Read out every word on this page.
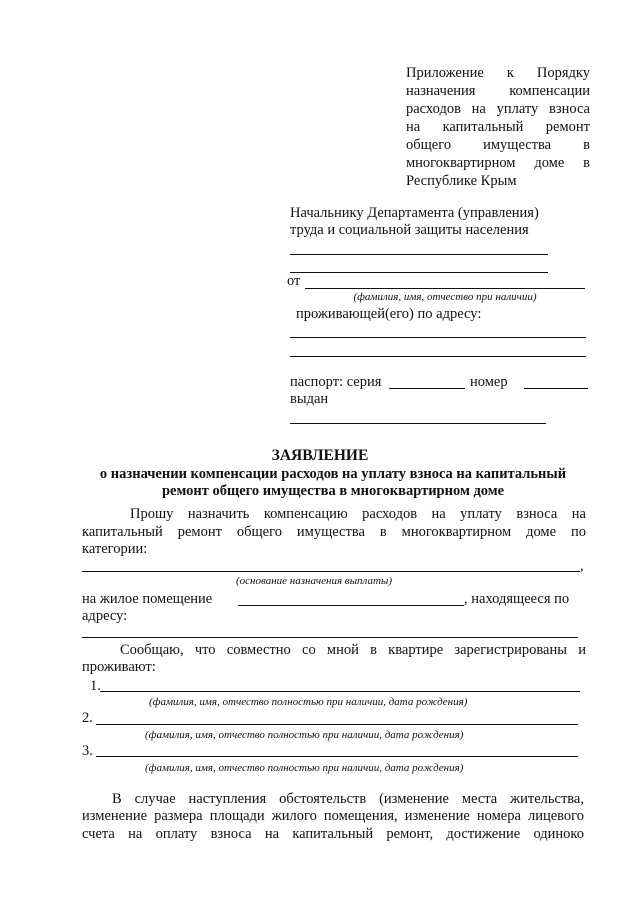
Приложение к Порядку
назначения компенсации
расходов на уплату взноса
на капитальный ремонт
общего имущества в
многоквартирном доме в
Республике Крым
Начальнику Департамента (управления)
труда и социальной защиты населения
от
(фамилия, имя, отчество при наличии)
проживающей(его) по адресу:
паспорт: серия	номер
выдан
ЗАЯВЛЕНИЕ
о назначении компенсации расходов на уплату взноса на капитальный
ремонт общего имущества в многоквартирном доме
Прошу назначить компенсацию расходов на уплату взноса на
капитальный ремонт общего имущества в многоквартирном доме по
категории:
,
(основание назначения выплаты)
на жилое помещение	, находящееся по
адресу:
Сообщаю, что совместно со мной в квартире зарегистрированы и
проживают:
1.
(фамилия, имя, отчество полностью при наличии, дата рождения)
2.
(фамилия, имя, отчество полностью при наличии, дата рождения)
3.
(фамилия, имя, отчество полностью при наличии, дата рождения)
В случае наступления обстоятельств (изменение места жительства,
изменение размера площади жилого помещения, изменение номера лицевого
счета на оплату взноса на капитальный ремонт, достижение одиноко
